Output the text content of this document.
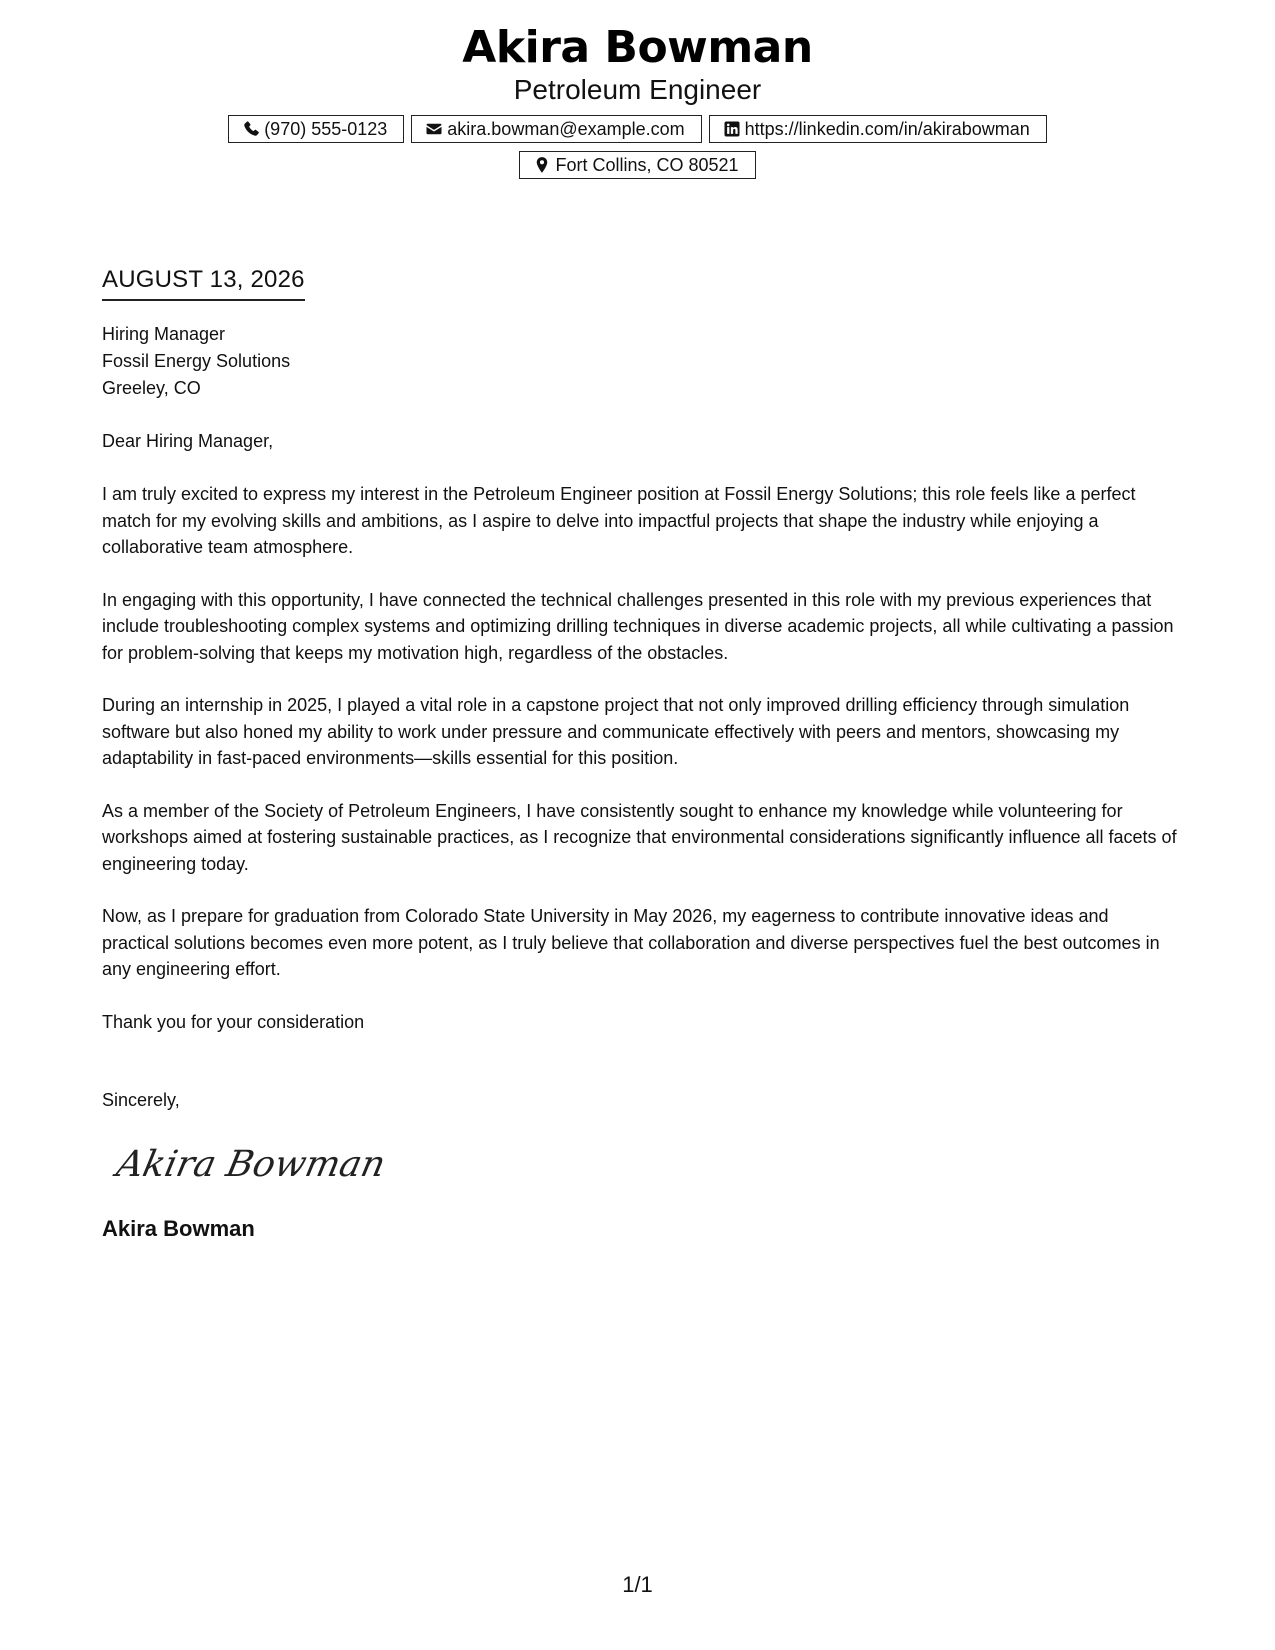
Akira Bowman
Petroleum Engineer
(970) 555-0123	akira.bowman@example.com	https://linkedin.com/in/akirabowman
Fort Collins, CO 80521
AUGUST 13, 2026
Hiring Manager
Fossil Energy Solutions
Greeley, CO
Dear Hiring Manager,
I am truly excited to express my interest in the Petroleum Engineer position at Fossil Energy Solutions; this role feels like a perfect match for my evolving skills and ambitions, as I aspire to delve into impactful projects that shape the industry while enjoying a collaborative team atmosphere.
In engaging with this opportunity, I have connected the technical challenges presented in this role with my previous experiences that include troubleshooting complex systems and optimizing drilling techniques in diverse academic projects, all while cultivating a passion for problem-solving that keeps my motivation high, regardless of the obstacles.
During an internship in 2025, I played a vital role in a capstone project that not only improved drilling efficiency through simulation software but also honed my ability to work under pressure and communicate effectively with peers and mentors, showcasing my adaptability in fast-paced environments—skills essential for this position.
As a member of the Society of Petroleum Engineers, I have consistently sought to enhance my knowledge while volunteering for workshops aimed at fostering sustainable practices, as I recognize that environmental considerations significantly influence all facets of engineering today.
Now, as I prepare for graduation from Colorado State University in May 2026, my eagerness to contribute innovative ideas and practical solutions becomes even more potent, as I truly believe that collaboration and diverse perspectives fuel the best outcomes in any engineering effort.
Thank you for your consideration
Sincerely,
Akira Bowman
Akira Bowman
1/1
